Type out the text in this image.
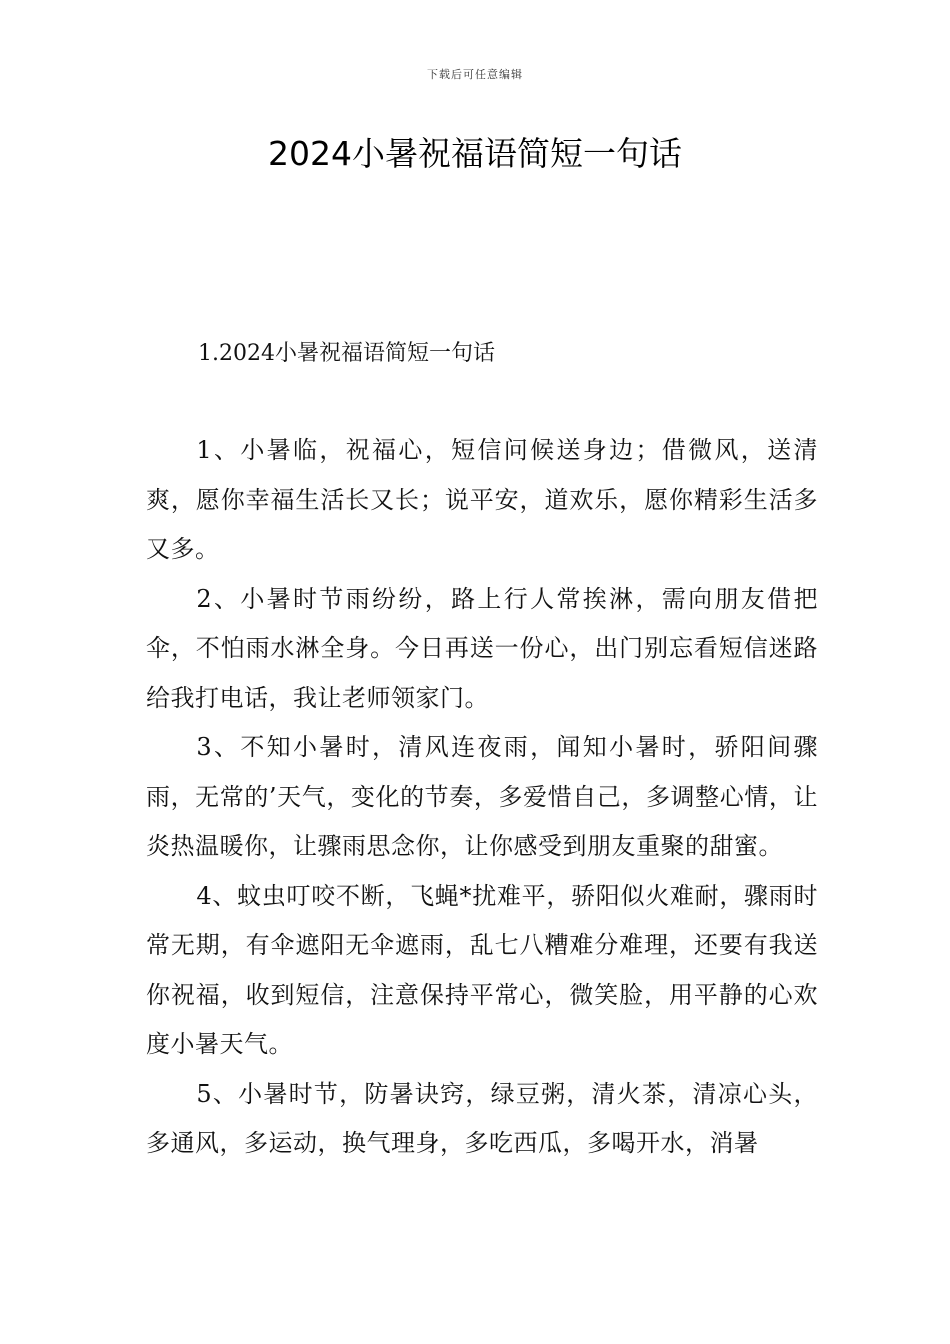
下载后可任意编辑
2024小暑祝福语简短一句话
1.2024小暑祝福语简短一句话

1、小暑临，祝福心，短信问候送身边；借微风，送清爽，愿你幸福生活长又长；说平安，道欢乐，愿你精彩生活多又多。

2、小暑时节雨纷纷，路上行人常挨淋，需向朋友借把伞，不怕雨水淋全身。今日再送一份心，出门别忘看短信迷路给我打电话，我让老师领家门。

3、不知小暑时，清风连夜雨，闻知小暑时，骄阳间骤雨，无常的’天气，变化的节奏，多爱惜自己，多调整心情，让炎热温暖你，让骤雨思念你，让你感受到朋友重聚的甜蜜。

4、蚊虫叮咬不断，飞蝇*扰难平，骄阳似火难耐，骤雨时常无期，有伞遮阳无伞遮雨，乱七八糟难分难理，还要有我送你祝福，收到短信，注意保持平常心，微笑脸，用平静的心欢度小暑天气。

5、小暑时节，防暑诀窍，绿豆粥，清火茶，清凉心头，多通风，多运动，换气理身，多吃西瓜，多喝开水，消暑
